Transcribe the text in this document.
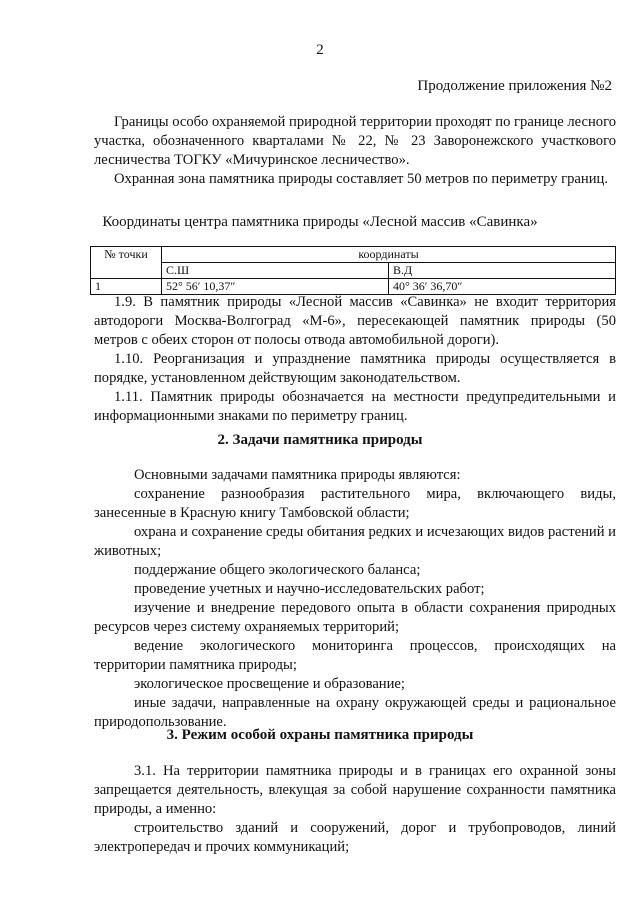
2
Продолжение приложения №2

Границы особо охраняемой природной территории проходят по границе лесного участка, обозначенного кварталами № 22, № 23 Заворонежского участкового лесничества ТОГКУ «Мичуринское лесничество».

Охранная зона памятника природы составляет 50 метров по периметру границ.

Координаты центра памятника природы «Лесной массив «Савинка»
№ точки	координаты	
	С.Ш	В.Д
1	52° 56′ 10,37″	40° 36′ 36,70″

1.9. В памятник природы «Лесной массив «Савинка» не входит территория автодороги Москва-Волгоград «М-6», пересекающей памятник природы (50 метров с обеих сторон от полосы отвода автомобильной дороги).

1.10. Реорганизация и упразднение памятника природы осуществляется в порядке, установленном действующим законодательством.

1.11. Памятник природы обозначается на местности предупредительными и информационными знаками по периметру границ.

2. Задачи памятника природы

Основными задачами памятника природы являются:

сохранение разнообразия растительного мира, включающего виды, занесенные в Красную книгу Тамбовской области;

охрана и сохранение среды обитания редких и исчезающих видов растений и животных;

поддержание общего экологического баланса;

проведение учетных и научно-исследовательских работ;

изучение и внедрение передового опыта в области сохранения природных ресурсов через систему охраняемых территорий;

ведение экологического мониторинга процессов, происходящих на территории памятника природы;

экологическое просвещение и образование;

иные задачи, направленные на охрану окружающей среды и рациональное природопользование.

3. Режим особой охраны памятника природы

3.1. На территории памятника природы и в границах его охранной зоны запрещается деятельность, влекущая за собой нарушение сохранности памятника природы, а именно:

строительство зданий и сооружений, дорог и трубопроводов, линий электропередач и прочих коммуникаций;
